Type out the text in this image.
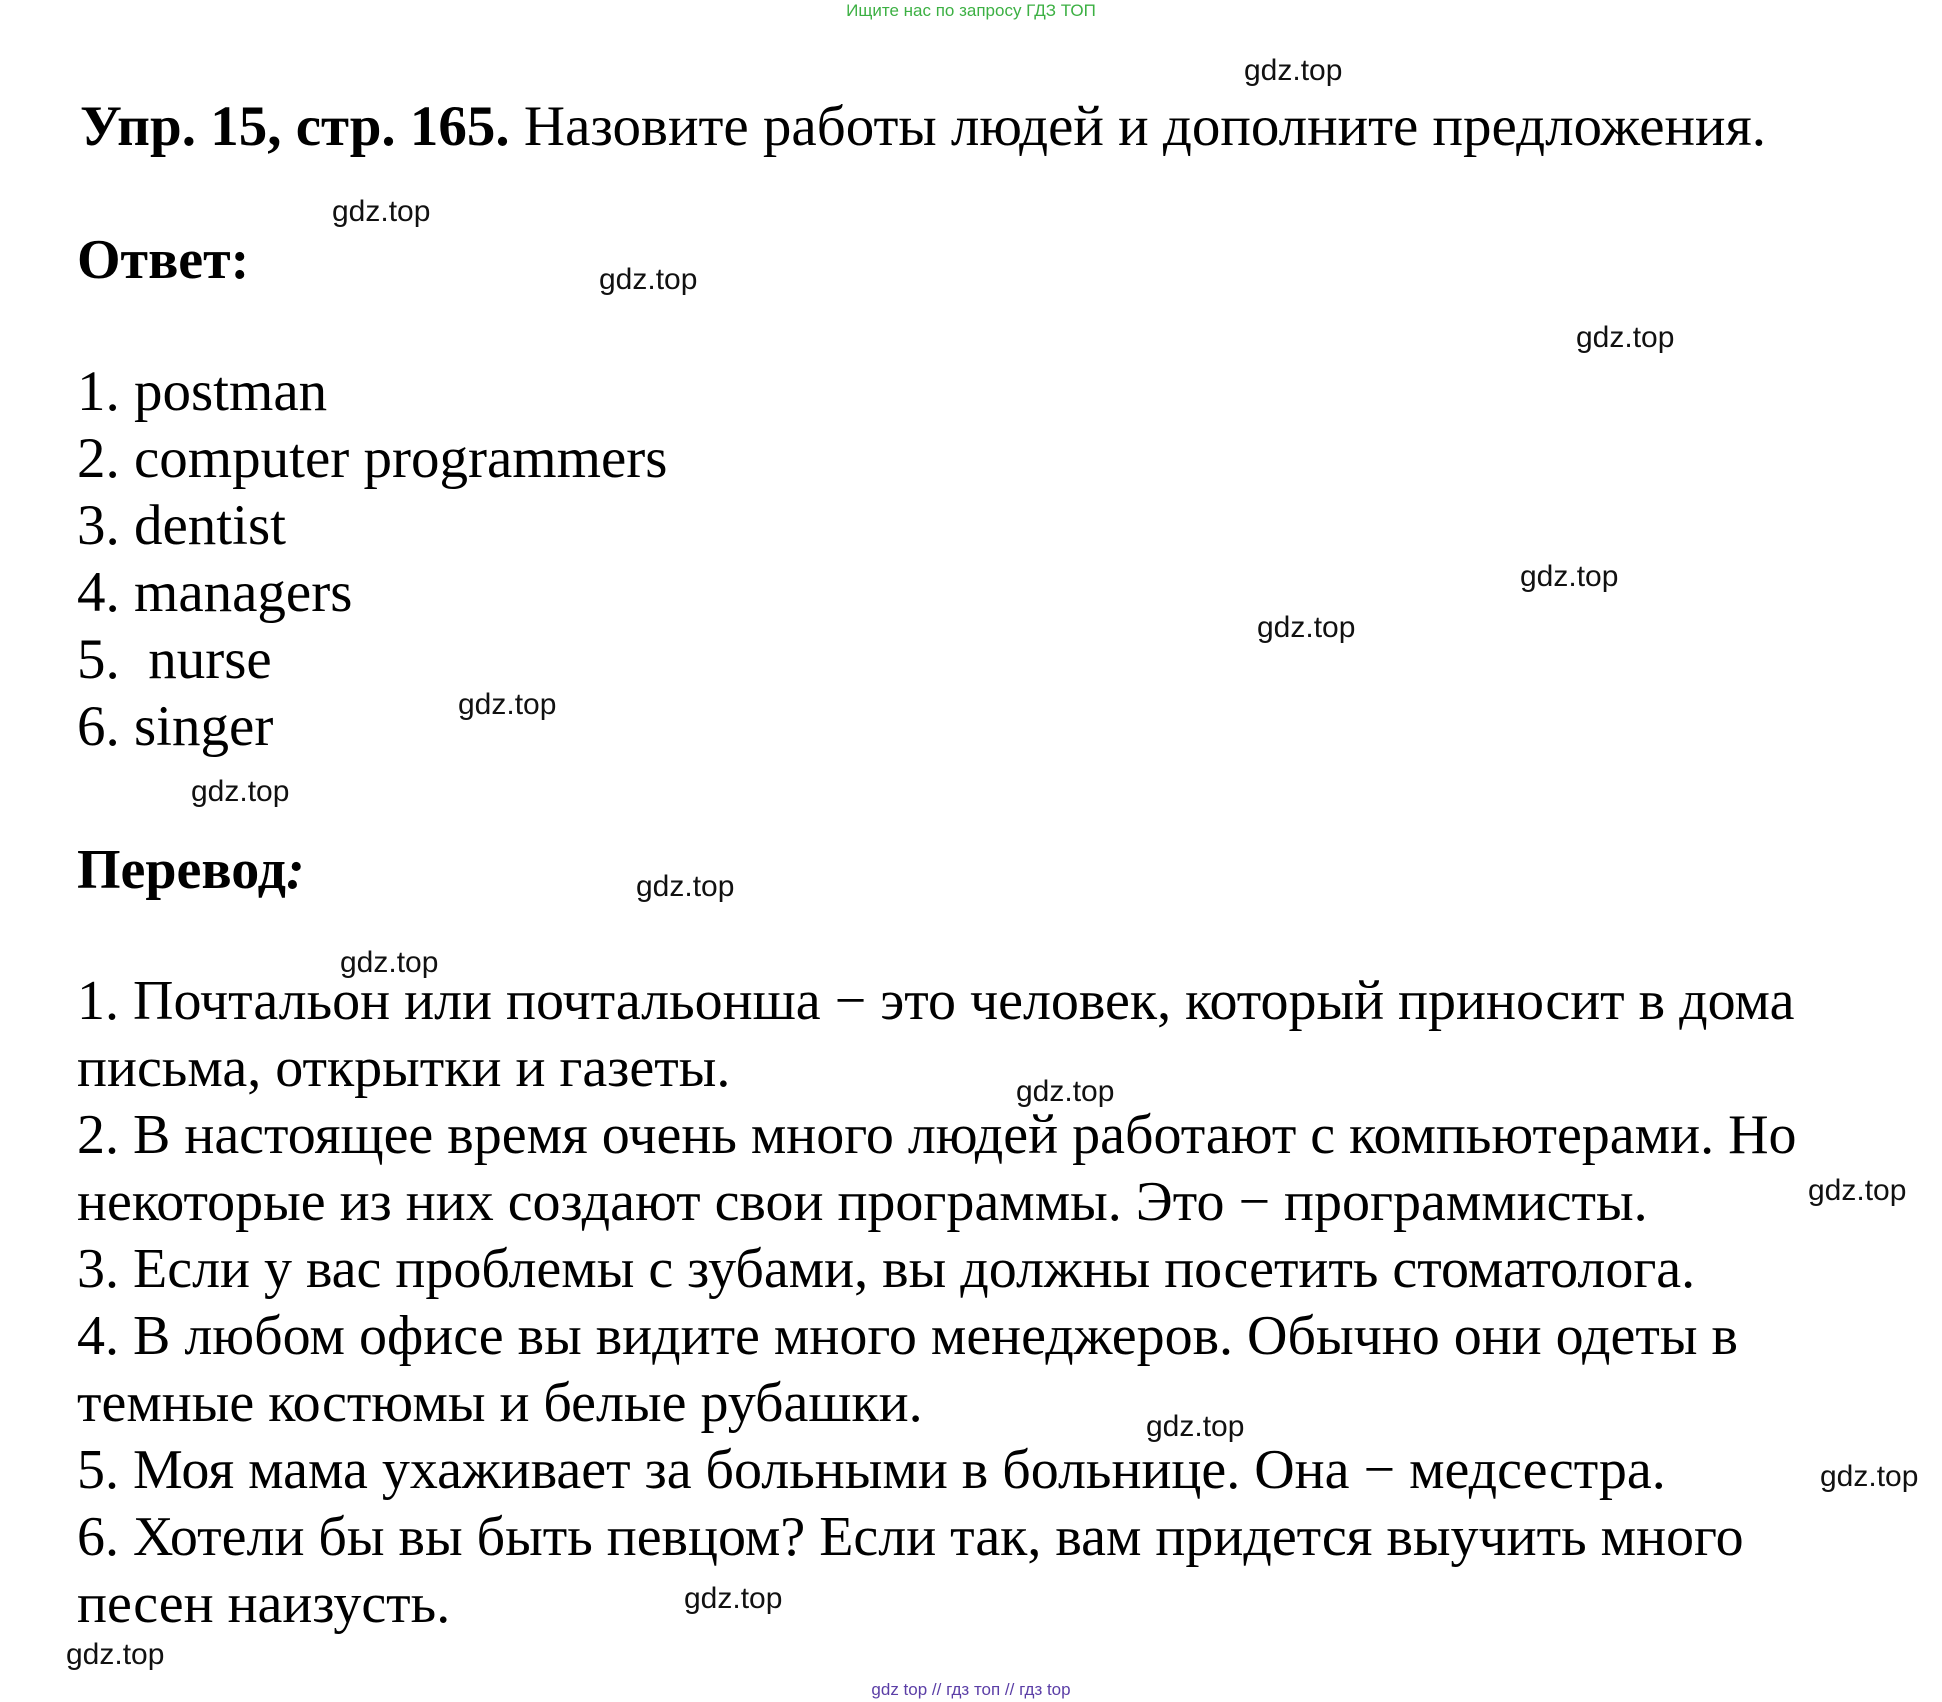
Ищите нас по запросу ГДЗ ТОП
Упр. 15, стр. 165. Назовите работы людей и дополните предложения.
Ответ:
1. postman
2. computer programmers
3. dentist
4. managers
5.  nurse
6. singer
Перевод:
1. Почтальон или почтальонша − это человек, который приносит в дома
письма, открытки и газеты.
2. В настоящее время очень много людей работают с компьютерами. Но
некоторые из них создают свои программы. Это − программисты.
3. Если у вас проблемы с зубами, вы должны посетить стоматолога.
4. В любом офисе вы видите много менеджеров. Обычно они одеты в
темные костюмы и белые рубашки.
5. Моя мама ухаживает за больными в больнице. Она − медсестра.
6. Хотели бы вы быть певцом? Если так, вам придется выучить много
песен наизусть.
gdz.top
gdz.top
gdz.top
gdz.top
gdz.top
gdz.top
gdz.top
gdz.top
gdz.top
gdz.top
gdz.top
gdz.top
gdz.top
gdz.top
gdz.top
gdz.top
gdz top // гдз топ // гдз top
